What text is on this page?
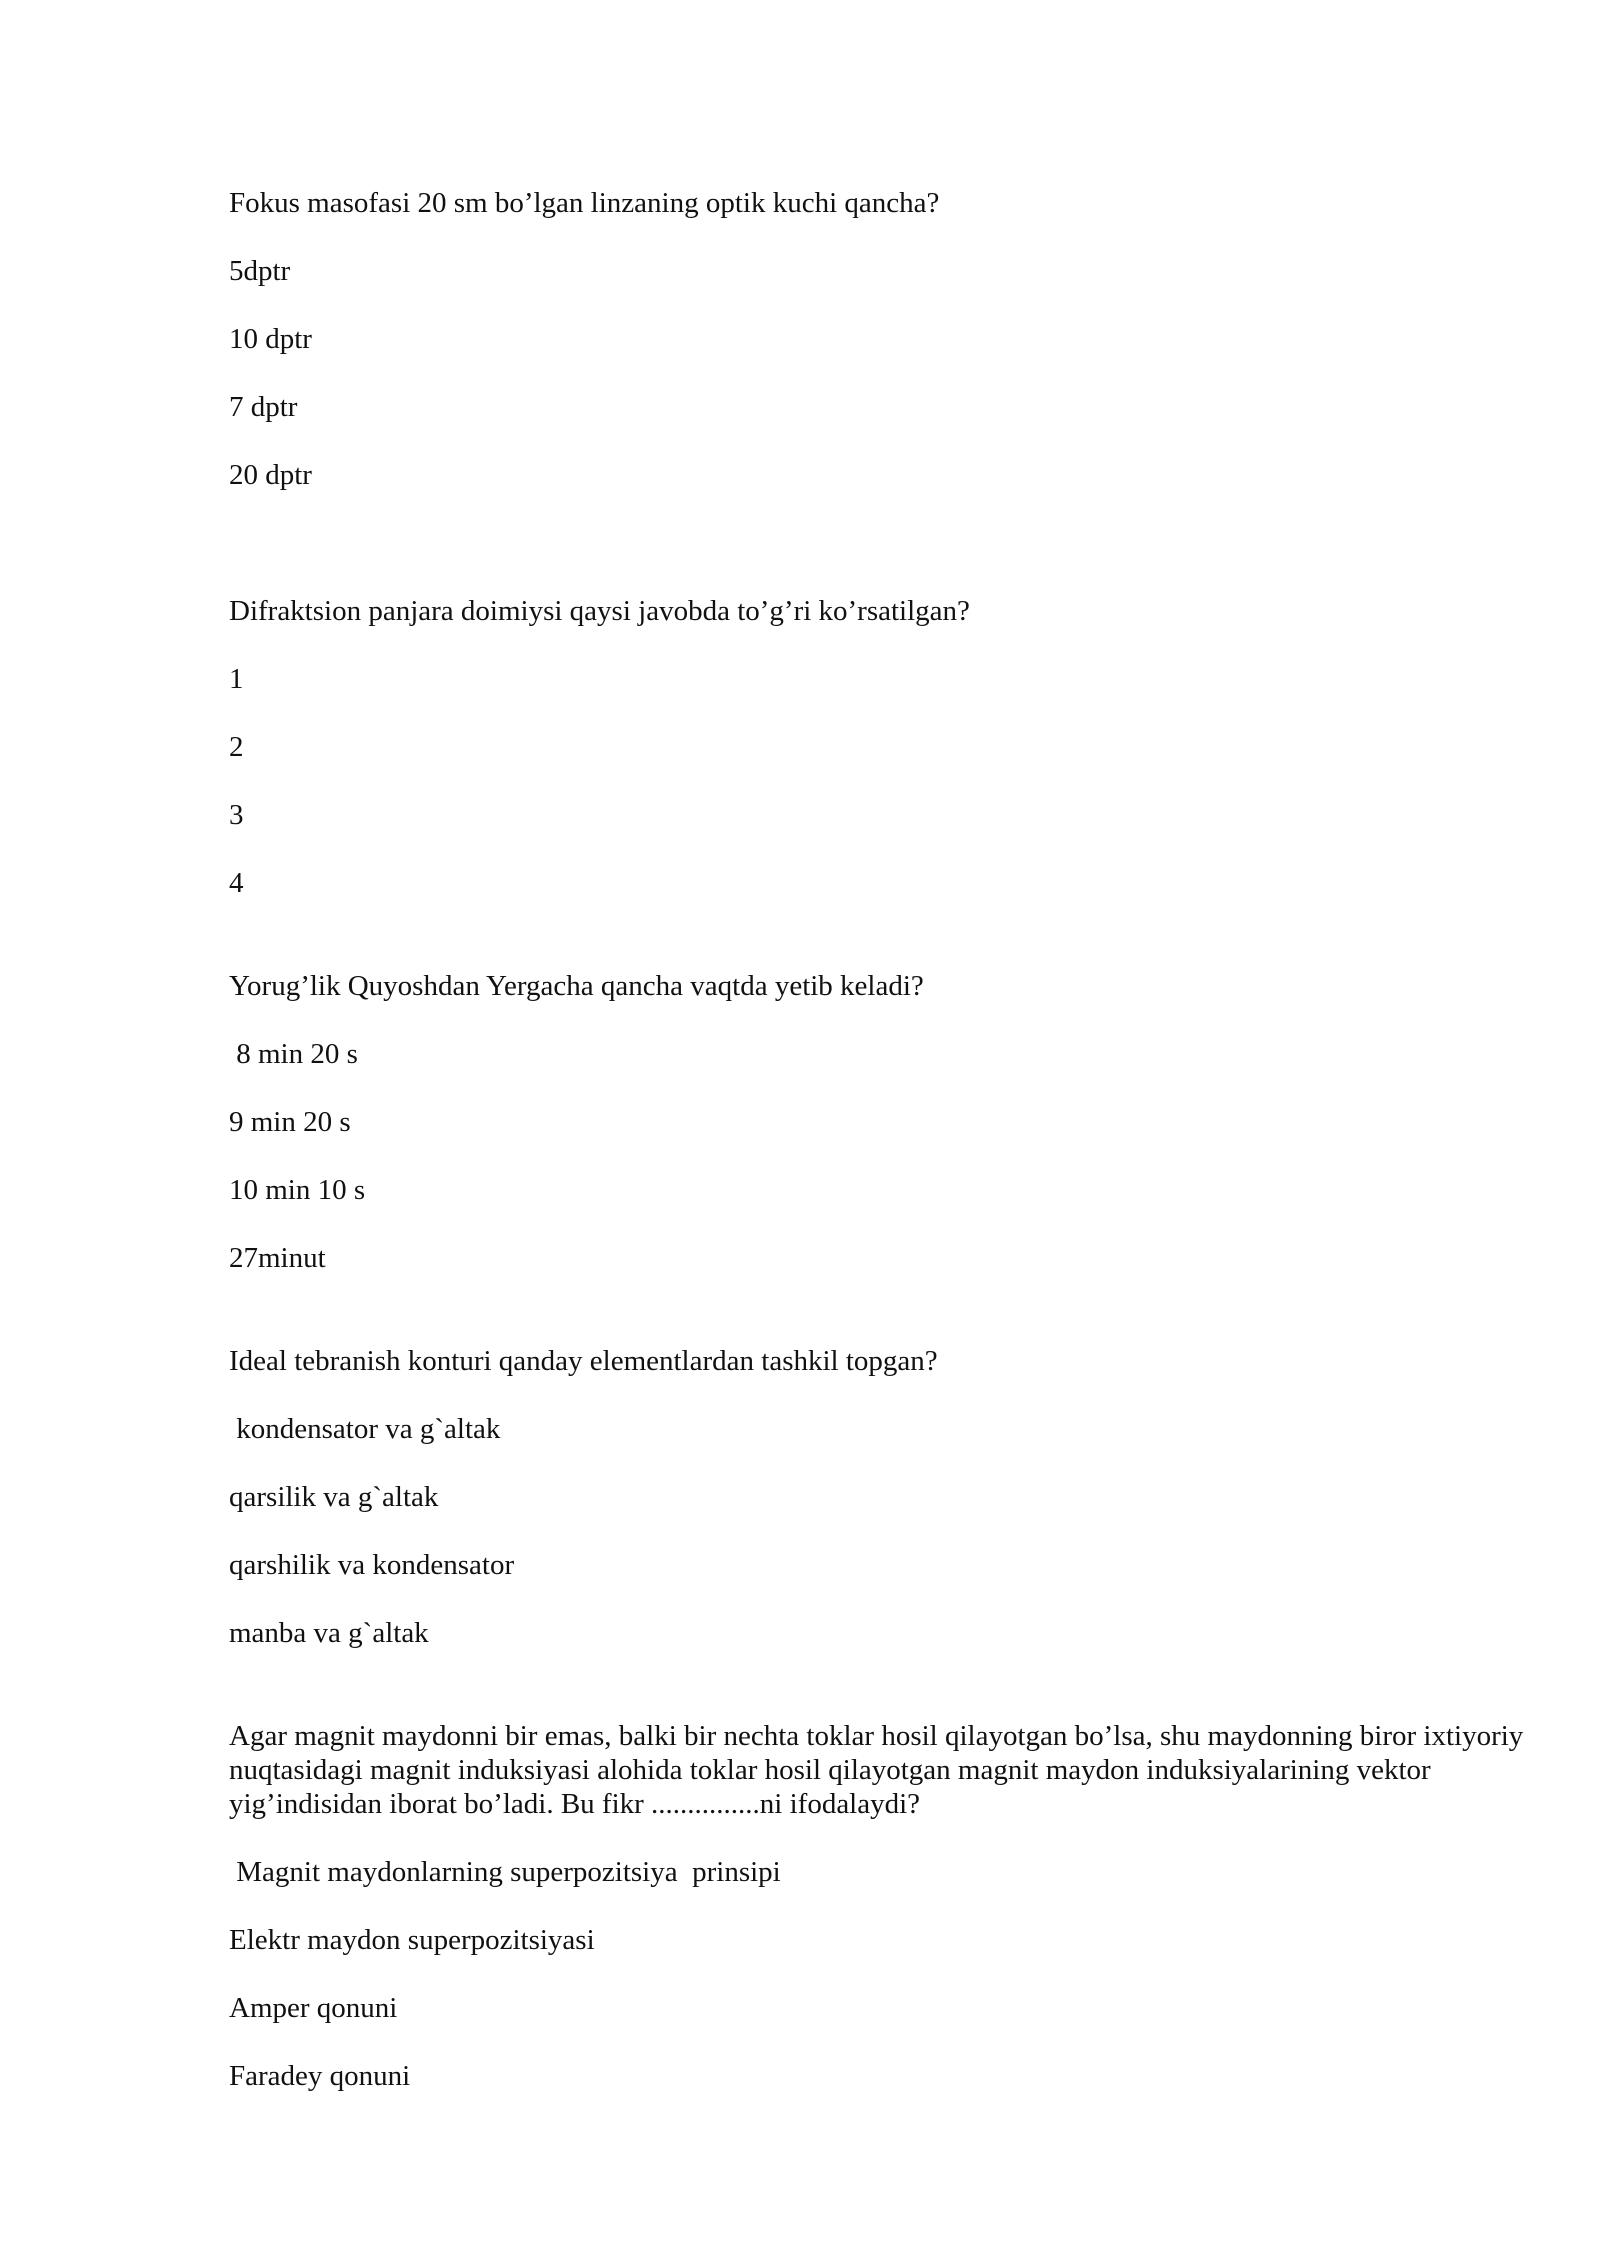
Fokus masofasi 20 sm bo’lgan linzaning optik kuchi qancha?
5dptr
10 dptr
7 dptr
20 dptr
Difraktsion panjara doimiysi qaysi javobda to’g’ri ko’rsatilgan?
1
2
3
4
Yorug’lik Quyoshdan Yergacha qancha vaqtda yetib keladi?
8 min 20 s
9 min 20 s
10 min 10 s
27minut
Ideal tebranish konturi qanday elementlardan tashkil topgan?
kondensator va g`altak
qarsilik va g`altak
qarshilik va kondensator
manba va g`altak
Agar magnit maydonni bir emas, balki bir nechta toklar hosil qilayotgan bo’lsa, shu maydonning biror ixtiyoriy nuqtasidagi magnit induksiyasi alohida toklar hosil qilayotgan magnit maydon induksiyalarining vektor yig’indisidan iborat bo’ladi. Bu fikr ...............ni ifodalaydi?
Magnit maydonlarning superpozitsiya  prinsipi
Elektr maydon superpozitsiyasi
Amper qonuni
Faradey qonuni
